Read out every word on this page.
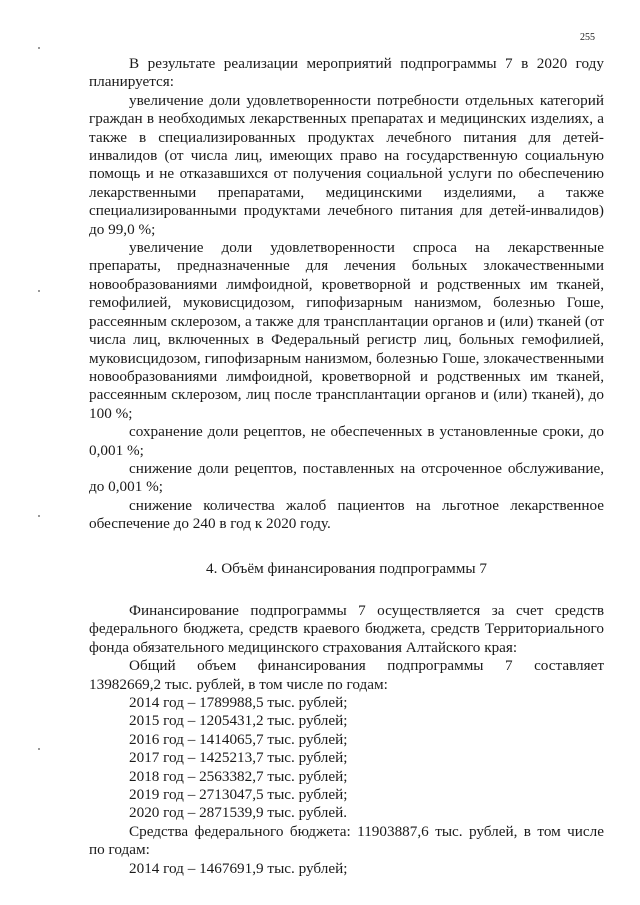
255

В результате реализации мероприятий подпрограммы 7 в 2020 году планируется:

увеличение доли удовлетворенности потребности отдельных категорий граждан в необходимых лекарственных препаратах и медицинских изделиях, а также в специализированных продуктах лечебного питания для детей-инвалидов (от числа лиц, имеющих право на государственную социальную помощь и не отказавшихся от получения социальной услуги по обеспечению лекарственными препаратами, медицинскими изделиями, а также специализированными продуктами лечебного питания для детей-инвалидов) до 99,0 %;

увеличение доли удовлетворенности спроса на лекарственные препараты, предназначенные для лечения больных злокачественными новообразованиями лимфоидной, кроветворной и родственных им тканей, гемофилией, муковисцидозом, гипофизарным нанизмом, болезнью Гоше, рассеянным склерозом, а также для трансплантации органов и (или) тканей (от числа лиц, включенных в Федеральный регистр лиц, больных гемофилией, муковисцидозом, гипофизарным нанизмом, болезнью Гоше, злокачественными новообразованиями лимфоидной, кроветворной и родственных им тканей, рассеянным склерозом, лиц после трансплантации органов и (или) тканей), до 100 %;

сохранение доли рецептов, не обеспеченных в установленные сроки, до 0,001 %;

снижение доли рецептов, поставленных на отсроченное обслуживание, до 0,001 %;

снижение количества жалоб пациентов на льготное лекарственное обеспечение до 240 в год к 2020 году.

4. Объём финансирования подпрограммы 7

Финансирование подпрограммы 7 осуществляется за счет средств федерального бюджета, средств краевого бюджета, средств Территориального фонда обязательного медицинского страхования Алтайского края:

Общий объем финансирования подпрограммы 7 составляет
13982669,2 тыс. рублей, в том числе по годам:

2014 год – 1789988,5 тыс. рублей;

2015 год – 1205431,2 тыс. рублей;

2016 год – 1414065,7 тыс. рублей;

2017 год – 1425213,7 тыс. рублей;

2018 год – 2563382,7 тыс. рублей;

2019 год – 2713047,5 тыс. рублей;

2020 год – 2871539,9 тыс. рублей.

Средства федерального бюджета: 11903887,6 тыс. рублей, в том числе
по годам:

2014 год – 1467691,9 тыс. рублей;
